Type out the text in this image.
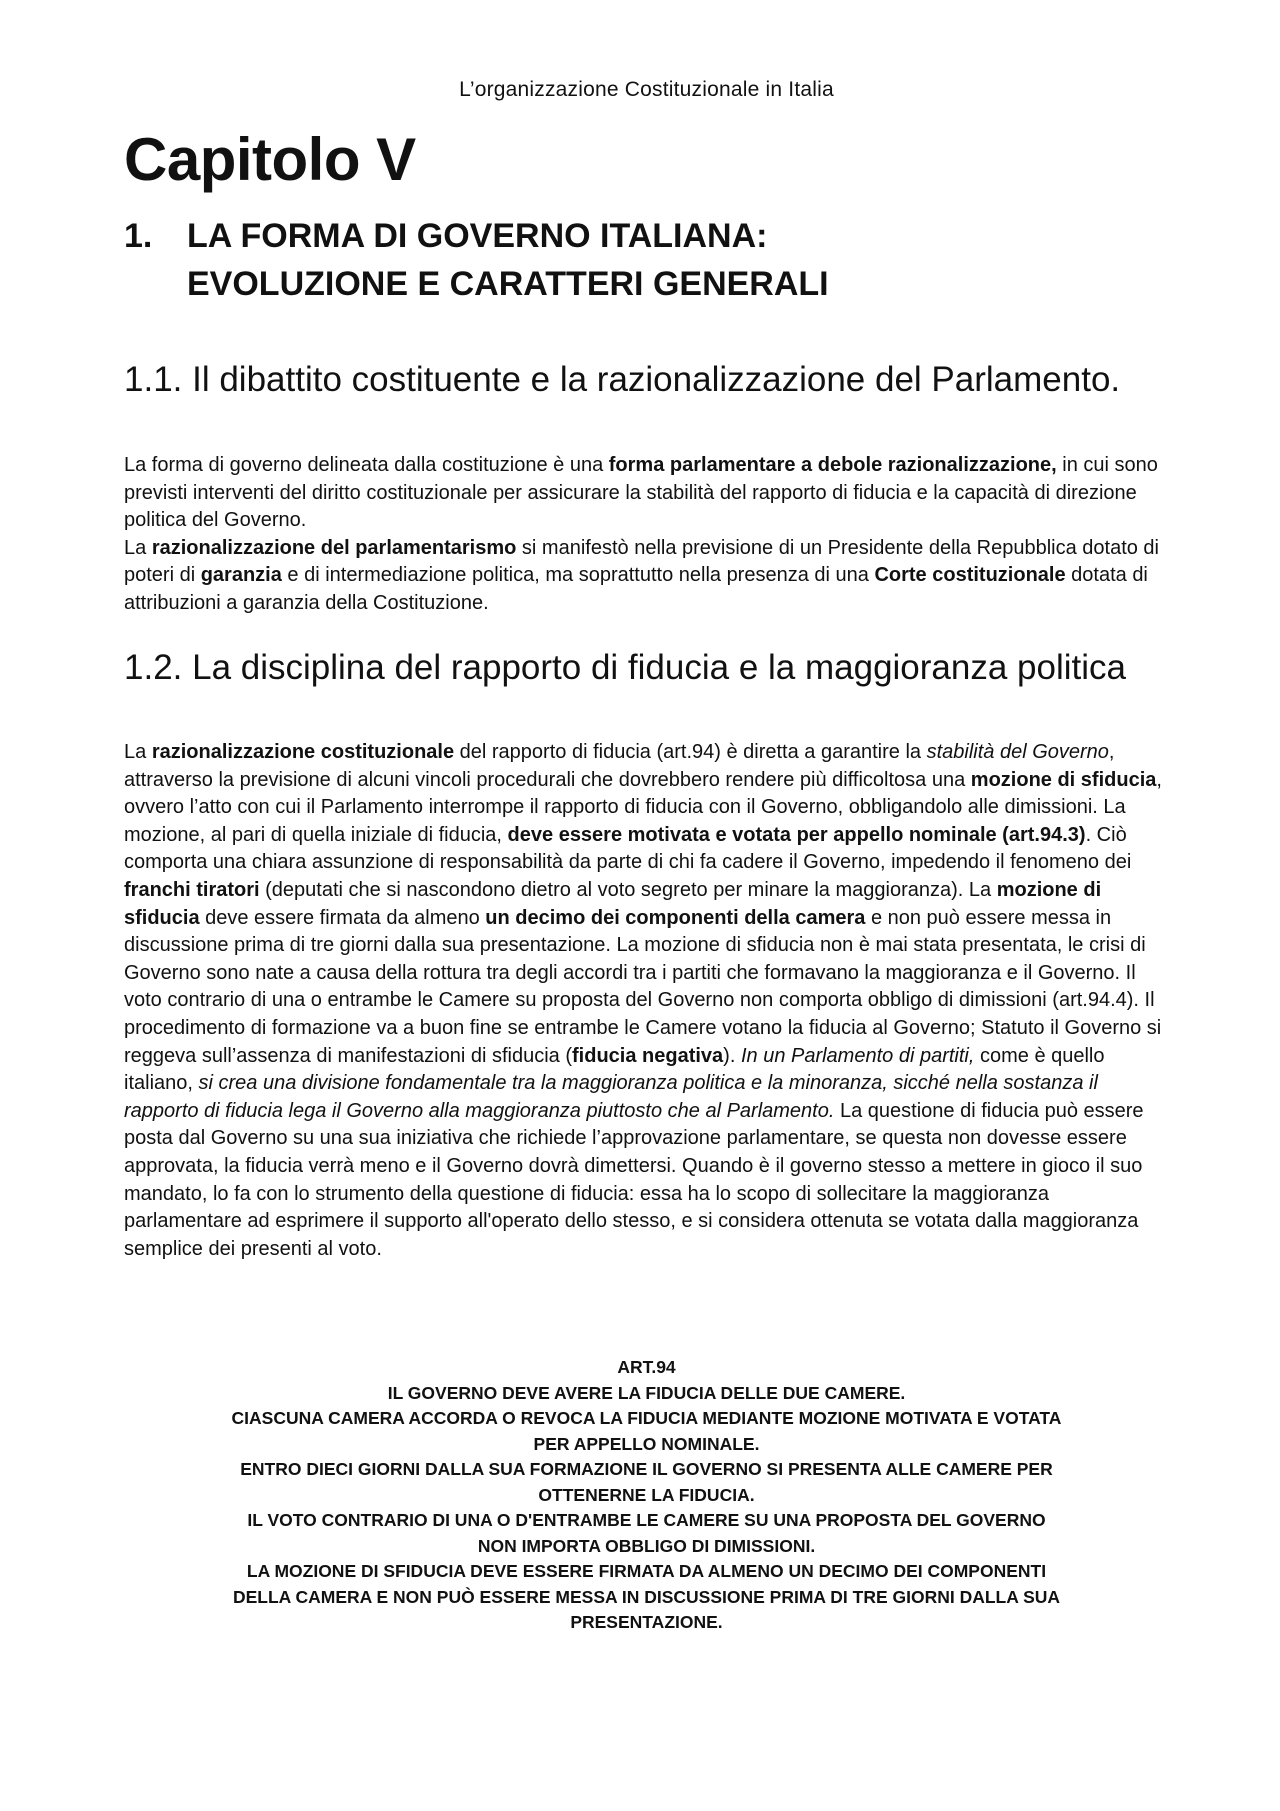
L’organizzazione Costituzionale in Italia
Capitolo V
1. LA FORMA DI GOVERNO ITALIANA:
EVOLUZIONE E CARATTERI GENERALI
1.1. Il dibattito costituente e la razionalizzazione del Parlamento.

La forma di governo delineata dalla costituzione è una forma parlamentare a debole razionalizzazione, in cui sono previsti interventi del diritto costituzionale per assicurare la stabilità del rapporto di fiducia e la capacità di direzione politica del Governo.

La razionalizzazione del parlamentarismo si manifestò nella previsione di un Presidente della Repubblica dotato di poteri di garanzia e di intermediazione politica, ma soprattutto nella presenza di una Corte costituzionale dotata di attribuzioni a garanzia della Costituzione.

1.2. La disciplina del rapporto di fiducia e la maggioranza politica

La razionalizzazione costituzionale del rapporto di fiducia (art.94) è diretta a garantire la stabilità del Governo, attraverso la previsione di alcuni vincoli procedurali che dovrebbero rendere più difficoltosa una mozione di sfiducia, ovvero l’atto con cui il Parlamento interrompe il rapporto di fiducia con il Governo, obbligandolo alle dimissioni. La mozione, al pari di quella iniziale di fiducia, deve essere motivata e votata per appello nominale (art.94.3). Ciò comporta una chiara assunzione di responsabilità da parte di chi fa cadere il Governo, impedendo il fenomeno dei franchi tiratori (deputati che si nascondono dietro al voto segreto per minare la maggioranza). La mozione di sfiducia deve essere firmata da almeno un decimo dei componenti della camera e non può essere messa in discussione prima di tre giorni dalla sua presentazione. La mozione di sfiducia non è mai stata presentata, le crisi di Governo sono nate a causa della rottura tra degli accordi tra i partiti che formavano la maggioranza e il Governo. Il voto contrario di una o entrambe le Camere su proposta del Governo non comporta obbligo di dimissioni (art.94.4). Il procedimento di formazione va a buon fine se entrambe le Camere votano la fiducia al Governo; Statuto il Governo si reggeva sull’assenza di manifestazioni di sfiducia (fiducia negativa). In un Parlamento di partiti, come è quello italiano, si crea una divisione fondamentale tra la maggioranza politica e la minoranza, sicché nella sostanza il rapporto di fiducia lega il Governo alla maggioranza piuttosto che al Parlamento. La questione di fiducia può essere posta dal Governo su una sua iniziativa che richiede l’approvazione parlamentare, se questa non dovesse essere approvata, la fiducia verrà meno e il Governo dovrà dimettersi. Quando è il governo stesso a mettere in gioco il suo mandato, lo fa con lo strumento della questione di fiducia: essa ha lo scopo di sollecitare la maggioranza parlamentare ad esprimere il supporto all'operato dello stesso, e si considera ottenuta se votata dalla maggioranza semplice dei presenti al voto.

ART.94
IL GOVERNO DEVE AVERE LA FIDUCIA DELLE DUE CAMERE.
CIASCUNA CAMERA ACCORDA O REVOCA LA FIDUCIA MEDIANTE MOZIONE MOTIVATA E VOTATA
PER APPELLO NOMINALE.
ENTRO DIECI GIORNI DALLA SUA FORMAZIONE IL GOVERNO SI PRESENTA ALLE CAMERE PER
OTTENERNE LA FIDUCIA.
IL VOTO CONTRARIO DI UNA O D'ENTRAMBE LE CAMERE SU UNA PROPOSTA DEL GOVERNO
NON IMPORTA OBBLIGO DI DIMISSIONI.
LA MOZIONE DI SFIDUCIA DEVE ESSERE FIRMATA DA ALMENO UN DECIMO DEI COMPONENTI
DELLA CAMERA E NON PUÒ ESSERE MESSA IN DISCUSSIONE PRIMA DI TRE GIORNI DALLA SUA
PRESENTAZIONE.
